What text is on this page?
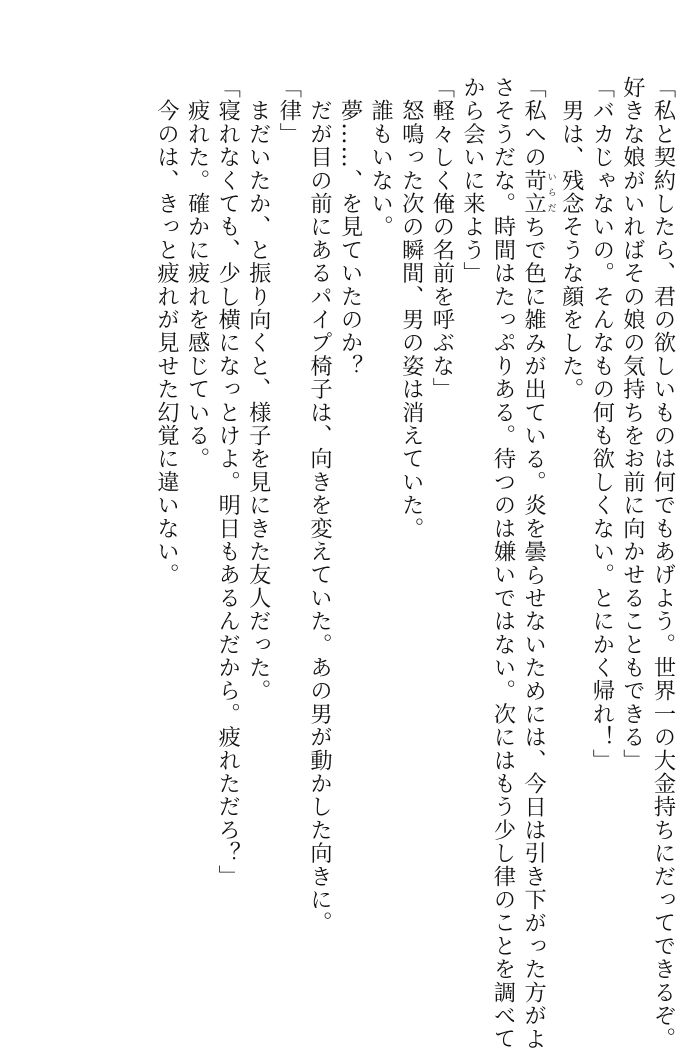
「私と契約したら、君の欲しいものは何でもあげよう。世界一の大金持ちにだってできるぞ。

好きな娘がいればその娘の気持ちをお前に向かせることもできる」

「バカじゃないの。そんなもの何も欲しくない。とにかく帰れ！」

　男は、残念そうな顔をした。

「私への苛立 いらだちで色に雑みが出ている。炎を曇らせないためには、今日は引き下がった方がよ

さそうだな。時間はたっぷりある。待つのは嫌いではない。次にはもう少し律のことを調べて

から会いに来よう」

「軽々しく俺の名前を呼ぶな」

　怒鳴った次の瞬間、男の姿は消えていた。

　誰もいない。

　夢……、を見ていたのか？

　だが目の前にあるパイプ椅子は、向きを変えていた。あの男が動かした向きに。

「律」

　まだいたか、と振り向くと、様子を見にきた友人だった。

「寝れなくても、少し横になっとけよ。明日もあるんだから。疲れただろ？」

　疲れた。確かに疲れを感じている。

　今のは、きっと疲れが見せた幻覚に違いない。
